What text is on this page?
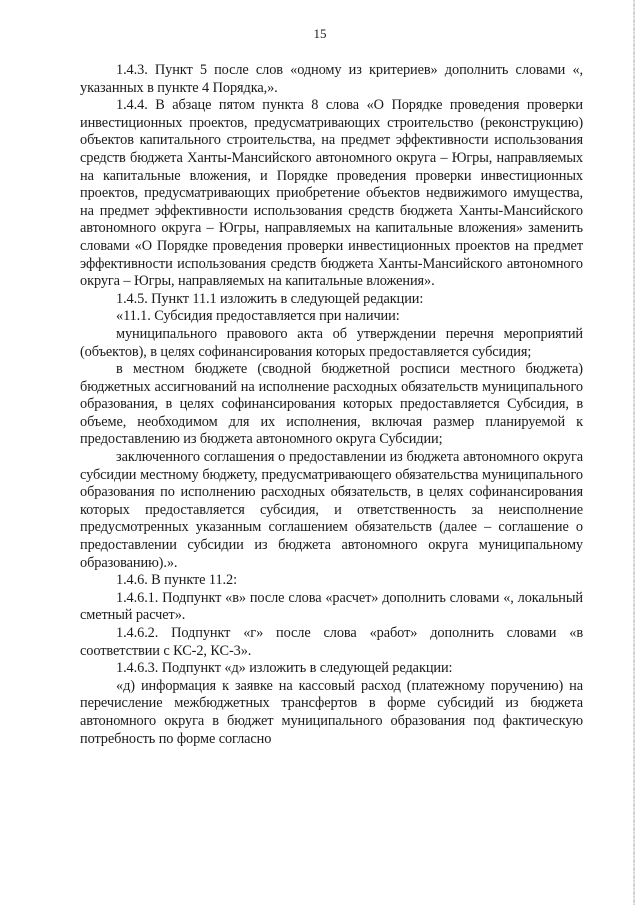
15

1.4.3. Пункт 5 после слов «одному из критериев» дополнить словами «, указанных в пункте 4 Порядка,».

1.4.4. В абзаце пятом пункта 8 слова «О Порядке проведения проверки инвестиционных проектов, предусматривающих строительство (реконструкцию) объектов капитального строительства, на предмет эффективности использования средств бюджета Ханты-Мансийского автономного округа – Югры, направляемых на капитальные вложения, и Порядке проведения проверки инвестиционных проектов, предусматривающих приобретение объектов недвижимого имущества, на предмет эффективности использования средств бюджета Ханты-Мансийского автономного округа – Югры, направляемых на капитальные вложения» заменить словами «О Порядке проведения проверки инвестиционных проектов на предмет эффективности использования средств бюджета Ханты-Мансийского автономного округа – Югры, направляемых на капитальные вложения».

1.4.5. Пункт 11.1 изложить в следующей редакции:

«11.1. Субсидия предоставляется при наличии:

муниципального правового акта об утверждении перечня мероприятий (объектов), в целях софинансирования которых предоставляется субсидия;

в местном бюджете (сводной бюджетной росписи местного бюджета) бюджетных ассигнований на исполнение расходных обязательств муниципального образования, в целях софинансирования которых предоставляется Субсидия, в объеме, необходимом для их исполнения, включая размер планируемой к предоставлению из бюджета автономного округа Субсидии;

заключенного соглашения о предоставлении из бюджета автономного округа субсидии местному бюджету, предусматривающего обязательства муниципального образования по исполнению расходных обязательств, в целях софинансирования которых предоставляется субсидия, и ответственность за неисполнение предусмотренных указанным соглашением обязательств (далее – соглашение о предоставлении субсидии из бюджета автономного округа муниципальному образованию).».

1.4.6. В пункте 11.2:

1.4.6.1. Подпункт «в» после слова «расчет» дополнить словами «, локальный сметный расчет».

1.4.6.2. Подпункт «г» после слова «работ» дополнить словами «в соответствии с КС-2, КС-3».

1.4.6.3. Подпункт «д» изложить в следующей редакции:

«д) информация к заявке на кассовый расход (платежному поручению) на перечисление межбюджетных трансфертов в форме субсидий из бюджета автономного округа в бюджет муниципального образования под фактическую потребность по форме согласно
